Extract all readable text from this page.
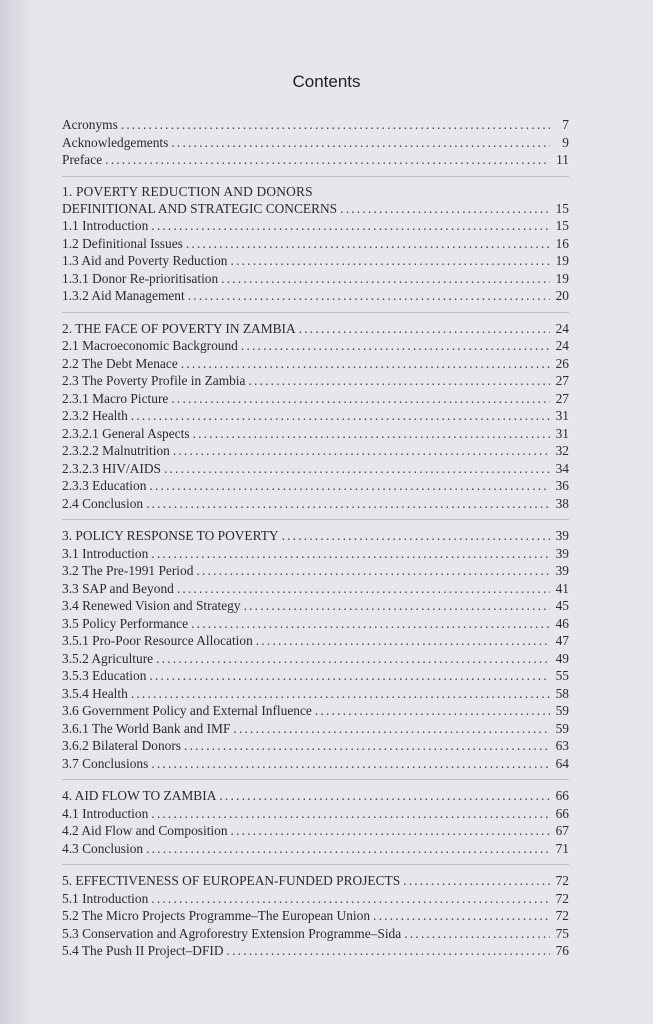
Contents
Acronyms .....	7
Acknowledgements .....	9
Preface .....	11
1. POVERTY REDUCTION AND DONORS
DEFINITIONAL AND STRATEGIC CONCERNS .....	15
1.1 Introduction .....	15
1.2 Definitional Issues .....	16
1.3 Aid and Poverty Reduction .....	19
1.3.1 Donor Re-prioritisation .....	19
1.3.2 Aid Management .....	20
2. THE FACE OF POVERTY IN ZAMBIA .....	24
2.1 Macroeconomic Background .....	24
2.2 The Debt Menace .....	26
2.3 The Poverty Profile in Zambia .....	27
2.3.1 Macro Picture .....	27
2.3.2 Health .....	31
2.3.2.1 General Aspects .....	31
2.3.2.2 Malnutrition .....	32
2.3.2.3 HIV/AIDS .....	34
2.3.3 Education .....	36
2.4 Conclusion .....	38
3. POLICY RESPONSE TO POVERTY .....	39
3.1 Introduction .....	39
3.2 The Pre-1991 Period .....	39
3.3 SAP and Beyond .....	41
3.4 Renewed Vision and Strategy .....	45
3.5 Policy Performance .....	46
3.5.1 Pro-Poor Resource Allocation .....	47
3.5.2 Agriculture .....	49
3.5.3 Education .....	55
3.5.4 Health .....	58
3.6 Government Policy and External Influence .....	59
3.6.1 The World Bank and IMF .....	59
3.6.2 Bilateral Donors .....	63
3.7 Conclusions .....	64
4. AID FLOW TO ZAMBIA .....	66
4.1 Introduction .....	66
4.2 Aid Flow and Composition .....	67
4.3 Conclusion .....	71
5. EFFECTIVENESS OF EUROPEAN-FUNDED PROJECTS .....	72
5.1 Introduction .....	72
5.2 The Micro Projects Programme–The European Union .....	72
5.3 Conservation and Agroforestry Extension Programme–Sida .....	75
5.4 The Push II Project–DFID .....	76
